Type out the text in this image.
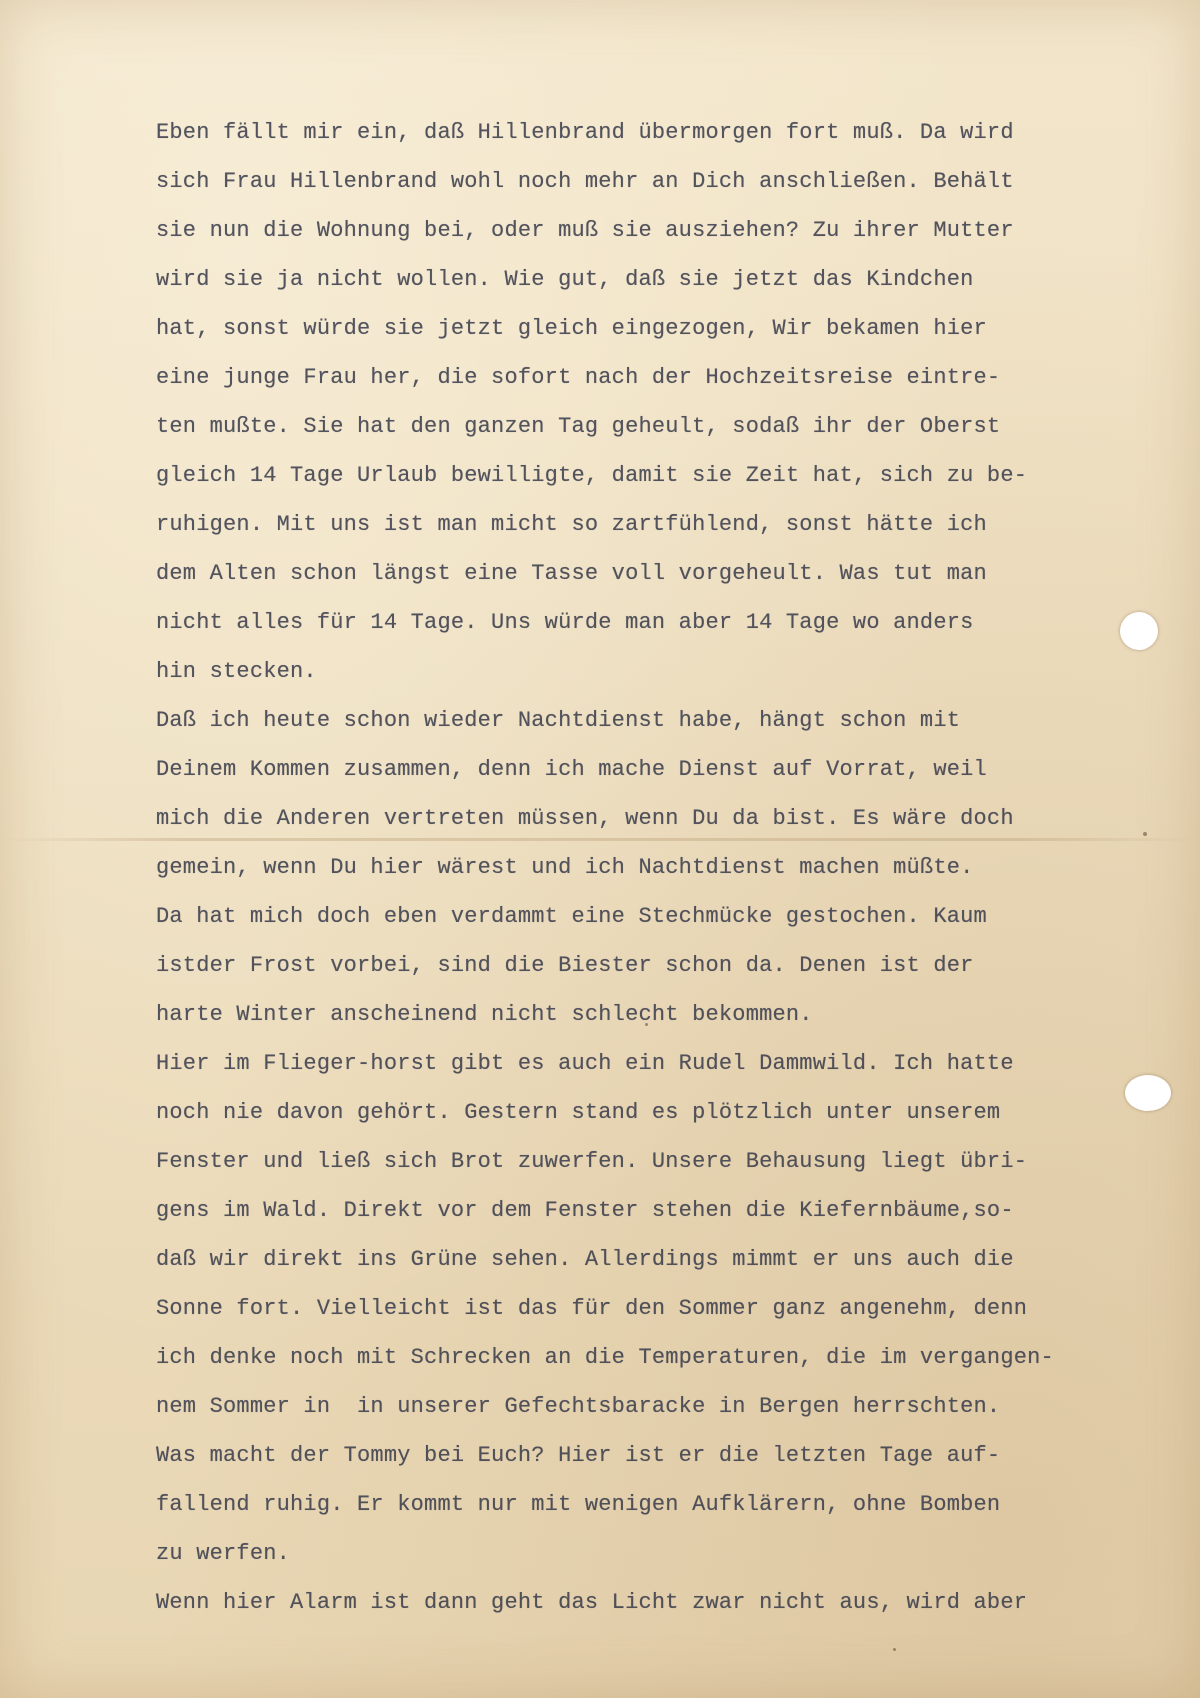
Eben fällt mir ein, daß Hillenbrand übermorgen fort muß. Da wird
sich Frau Hillenbrand wohl noch mehr an Dich anschließen. Behält
sie nun die Wohnung bei, oder muß sie ausziehen? Zu ihrer Mutter
wird sie ja nicht wollen. Wie gut, daß sie jetzt das Kindchen
hat, sonst würde sie jetzt gleich eingezogen, Wir bekamen hier
eine junge Frau her, die sofort nach der Hochzeitsreise eintre-
ten mußte. Sie hat den ganzen Tag geheult, sodaß ihr der Oberst
gleich 14 Tage Urlaub bewilligte, damit sie Zeit hat, sich zu be-
ruhigen. Mit uns ist man micht so zartfühlend, sonst hätte ich
dem Alten schon längst eine Tasse voll vorgeheult. Was tut man
nicht alles für 14 Tage. Uns würde man aber 14 Tage wo anders
hin stecken.
Daß ich heute schon wieder Nachtdienst habe, hängt schon mit
Deinem Kommen zusammen, denn ich mache Dienst auf Vorrat, weil
mich die Anderen vertreten müssen, wenn Du da bist. Es wäre doch
gemein, wenn Du hier wärest und ich Nachtdienst machen müßte.
Da hat mich doch eben verdammt eine Stechmücke gestochen. Kaum
istder Frost vorbei, sind die Biester schon da. Denen ist der
harte Winter anscheinend nicht schlecht bekommen.
Hier im Flieger-horst gibt es auch ein Rudel Dammwild. Ich hatte
noch nie davon gehört. Gestern stand es plötzlich unter unserem
Fenster und ließ sich Brot zuwerfen. Unsere Behausung liegt übri-
gens im Wald. Direkt vor dem Fenster stehen die Kiefernbäume,so-
daß wir direkt ins Grüne sehen. Allerdings mimmt er uns auch die
Sonne fort. Vielleicht ist das für den Sommer ganz angenehm, denn
ich denke noch mit Schrecken an die Temperaturen, die im vergangen-
nem Sommer in  in unserer Gefechtsbaracke in Bergen herrschten.
Was macht der Tommy bei Euch? Hier ist er die letzten Tage auf-
fallend ruhig. Er kommt nur mit wenigen Aufklärern, ohne Bomben
zu werfen.
Wenn hier Alarm ist dann geht das Licht zwar nicht aus, wird aber
